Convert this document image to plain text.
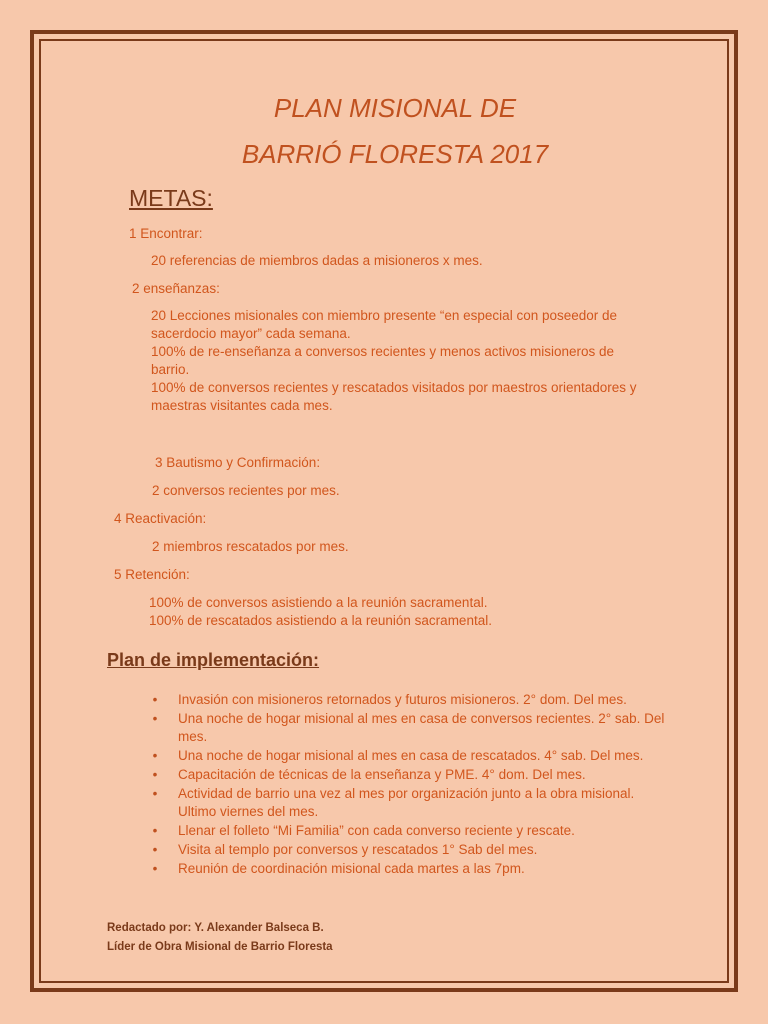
PLAN MISIONAL DE

BARRIÓ FLORESTA 2017

METAS:

1 Encontrar:

20 referencias de miembros dadas a misioneros x mes.

2 enseñanzas:

20 Lecciones misionales con miembro presente “en especial con poseedor de
sacerdocio mayor” cada semana.
100% de re-enseñanza a conversos recientes y menos activos misioneros de
barrio.
100% de conversos recientes y rescatados visitados por maestros orientadores y
maestras visitantes cada mes.

3 Bautismo y Confirmación:

2 conversos recientes por mes.

4 Reactivación:

2 miembros rescatados por mes.

5 Retención:

100% de conversos asistiendo a la reunión sacramental.
100% de rescatados asistiendo a la reunión sacramental.

Plan de implementación:

• Invasión con misioneros retornados y futuros misioneros. 2° dom. Del mes.
• Una noche de hogar misional al mes en casa de conversos recientes. 2° sab. Del mes.
• Una noche de hogar misional al mes en casa de rescatados. 4° sab. Del mes.
• Capacitación de técnicas de la enseñanza y PME. 4° dom. Del mes.
• Actividad de barrio una vez al mes por organización junto a la obra misional. Ultimo viernes del mes.
• Llenar el folleto “Mi Familia” con cada converso reciente y rescate.
• Visita al templo por conversos y rescatados 1° Sab del mes.
• Reunión de coordinación misional cada martes a las 7pm.
Redactado por: Y. Alexander Balseca B.
Líder de Obra Misional de Barrio Floresta
